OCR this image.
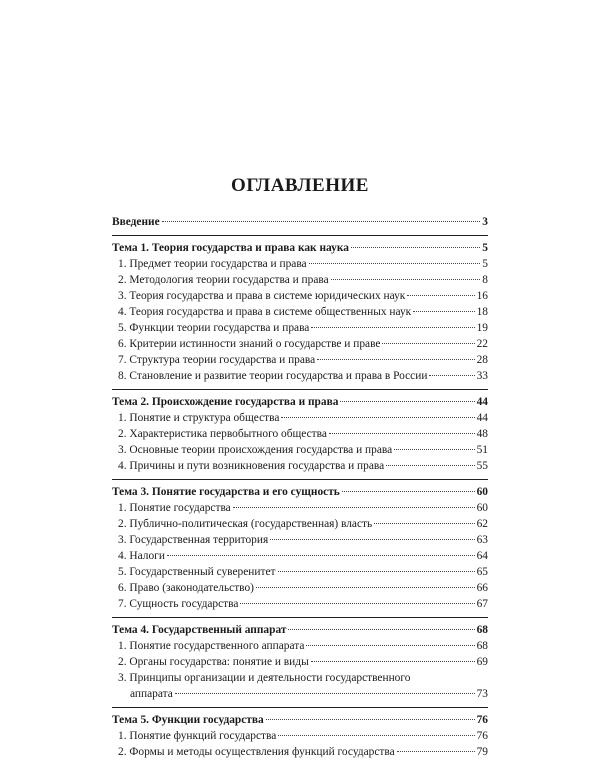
ОГЛАВЛЕНИЕ
Введение	3
Тема 1. Теория государства и права как наука	5
1. Предмет теории государства и права	5
2. Методология теории государства и права	8
3. Теория государства и права в системе юридических наук	16
4. Теория государства и права в системе общественных наук	18
5. Функции теории государства и права	19
6. Критерии истинности знаний о государстве и праве	22
7. Структура теории государства и права	28
8. Становление и развитие теории государства и права в России	33
Тема 2. Происхождение государства и права	44
1. Понятие и структура общества	44
2. Характеристика первобытного общества	48
3. Основные теории происхождения государства и права	51
4. Причины и пути возникновения государства и права	55
Тема 3. Понятие государства и его сущность	60
1. Понятие государства	60
2. Публично-политическая (государственная) власть	62
3. Государственная территория	63
4. Налоги	64
5. Государственный суверенитет	65
6. Право (законодательство)	66
7. Сущность государства	67
Тема 4. Государственный аппарат	68
1. Понятие государственного аппарата	68
2. Органы государства: понятие и виды	69
3. Принципы организации и деятельности государственного
аппарата	73
Тема 5. Функции государства	76
1. Понятие функций государства	76
2. Формы и методы осуществления функций государства	79
